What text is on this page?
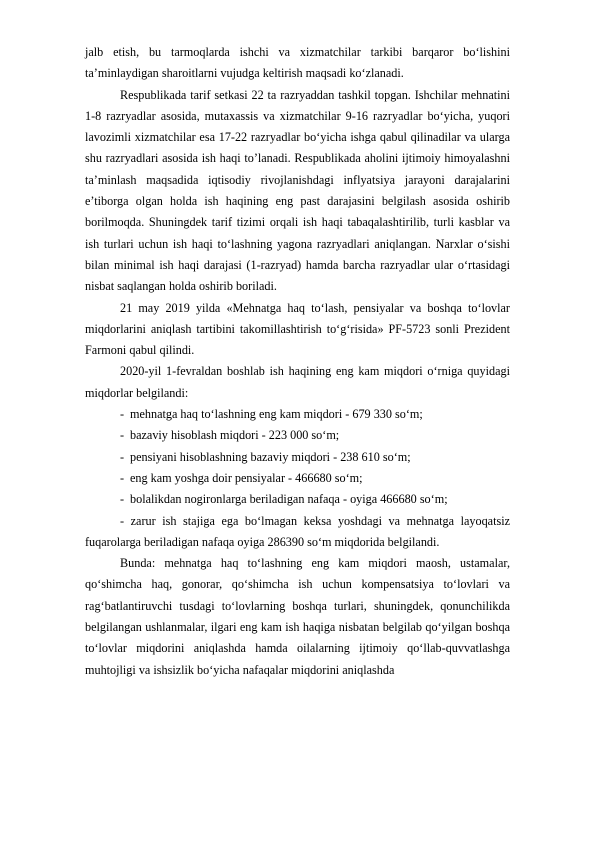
jalb etish, bu tarmoqlarda ishchi va xizmatchilar tarkibi barqaror bo‘lishini ta’minlaydigan sharoitlarni vujudga keltirish maqsadi ko‘zlanadi.

Respublikada tarif setkasi 22 ta razryaddan tashkil topgan. Ishchilar mehnatini 1-8 razryadlar asosida, mutaxassis va xizmatchilar 9-16 razryadlar bo‘yicha, yuqori lavozimli xizmatchilar esa 17-22 razryadlar bo‘yicha ishga qabul qilinadilar va ularga shu razryadlari asosida ish haqi to’lanadi. Respublikada aholini ijtimoiy himoyalashni ta’minlash maqsadida iqtisodiy rivojlanishdagi inflyatsiya jarayoni darajalarini e’tiborga olgan holda ish haqining eng past darajasini belgilash asosida oshirib borilmoqda. Shuningdek tarif tizimi orqali ish haqi tabaqalashtirilib, turli kasblar va ish turlari uchun ish haqi to‘lashning yagona razryadlari aniqlangan. Narxlar o‘sishi bilan minimal ish haqi darajasi (1-razryad) hamda barcha razryadlar ular o‘rtasidagi nisbat saqlangan holda oshirib boriladi.

21 may 2019 yilda «Mehnatga haq to‘lash, pensiyalar va boshqa to‘lovlar miqdorlarini aniqlash tartibini takomillashtirish to‘g‘risida» PF-5723 sonli Prezident Farmoni qabul qilindi.

2020-yil 1-fevraldan boshlab ish haqining eng kam miqdori o‘rniga quyidagi miqdorlar belgilandi:

- mehnatga haq to‘lashning eng kam miqdori - 679 330 so‘m;
- bazaviy hisoblash miqdori - 223 000 so‘m;
- pensiyani hisoblashning bazaviy miqdori - 238 610 so‘m;
- eng kam yoshga doir pensiyalar - 466680 so‘m;
- bolalikdan nogironlarga beriladigan nafaqa - oyiga 466680 so‘m;
- zarur ish stajiga ega bo‘lmagan keksa yoshdagi va mehnatga layoqatsiz fuqarolarga beriladigan nafaqa oyiga 286390 so‘m miqdorida belgilandi.

Bunda: mehnatga haq to‘lashning eng kam miqdori maosh, ustamalar, qo‘shimcha haq, gonorar, qo‘shimcha ish uchun kompensatsiya to‘lovlari va rag‘batlantiruvchi tusdagi to‘lovlarning boshqa turlari, shuningdek, qonunchilikda belgilangan ushlanmalar, ilgari eng kam ish haqiga nisbatan belgilab qo‘yilgan boshqa to‘lovlar miqdorini aniqlashda hamda oilalarning ijtimoiy qo‘llab-quvvatlashga muhtojligi va ishsizlik bo‘yicha nafaqalar miqdorini aniqlashda
